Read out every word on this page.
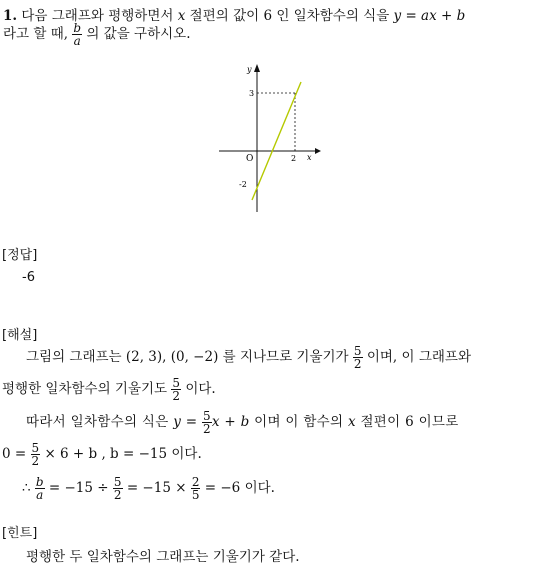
1. 다음 그래프와 평행하면서 x 절편의 값이 6 인 일차함수의 식을 y = ax + b
라고 할 때, $\frac{b}{a}$ 의 값을 구하시오.
y
x
O
3
-2
2
[정답]
-6
[해설]
그림의 그래프는 (2, 3), (0, −2) 를 지나므로 기울기가 $\frac{5}{2}$ 이며, 이 그래프와
평행한 일차함수의 기울기도 $\frac{5}{2}$ 이다.
따라서 일차함수의 식은 $y = \frac{5}{2}$ x + b 이며 이 함수의 x 절편이 6 이므로
$0 = \frac{5}{2} \times 6 + b$ , b = −15 이다.
∴ $\frac{b}{a} = -15 \div \frac{5}{2} = -15 \times \frac{2}{5} = -6$ 이다.
[힌트]
평행한 두 일차함수의 그래프는 기울기가 같다.
